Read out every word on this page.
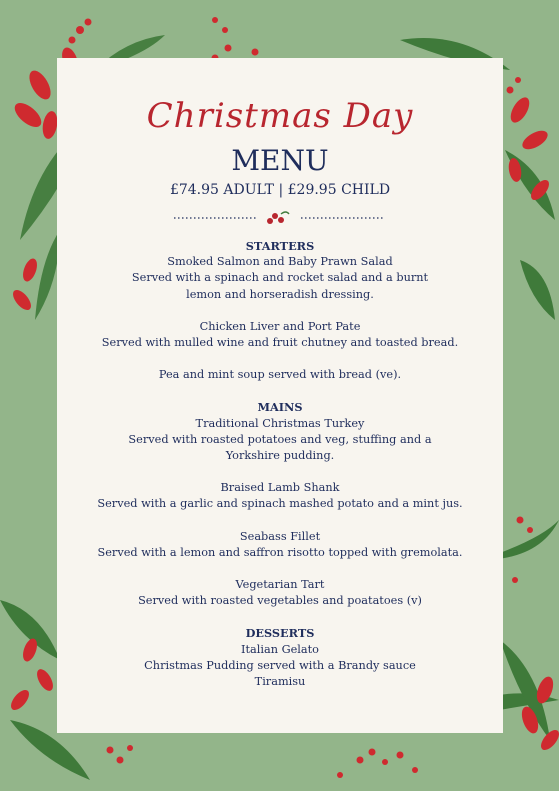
Christmas Day
MENU
£74.95 ADULT | £29.95 CHILD
STARTERS
Smoked Salmon and Baby Prawn Salad
Served with a spinach and rocket salad and a burnt
lemon and horseradish dressing.
Chicken Liver and Port Pate
Served with mulled wine and fruit chutney and toasted bread.
Pea and mint soup served with bread (ve).
MAINS
Traditional Christmas Turkey
Served with roasted potatoes and veg, stuffing and a
Yorkshire pudding.
Braised Lamb Shank
Served with a garlic and spinach mashed potato and a mint jus.
Seabass Fillet
Served with a lemon and saffron risotto topped with gremolata.
Vegetarian Tart
Served with roasted vegetables and poatatoes (v)
DESSERTS
Italian Gelato
Christmas Pudding served with a Brandy sauce
Tiramisu
